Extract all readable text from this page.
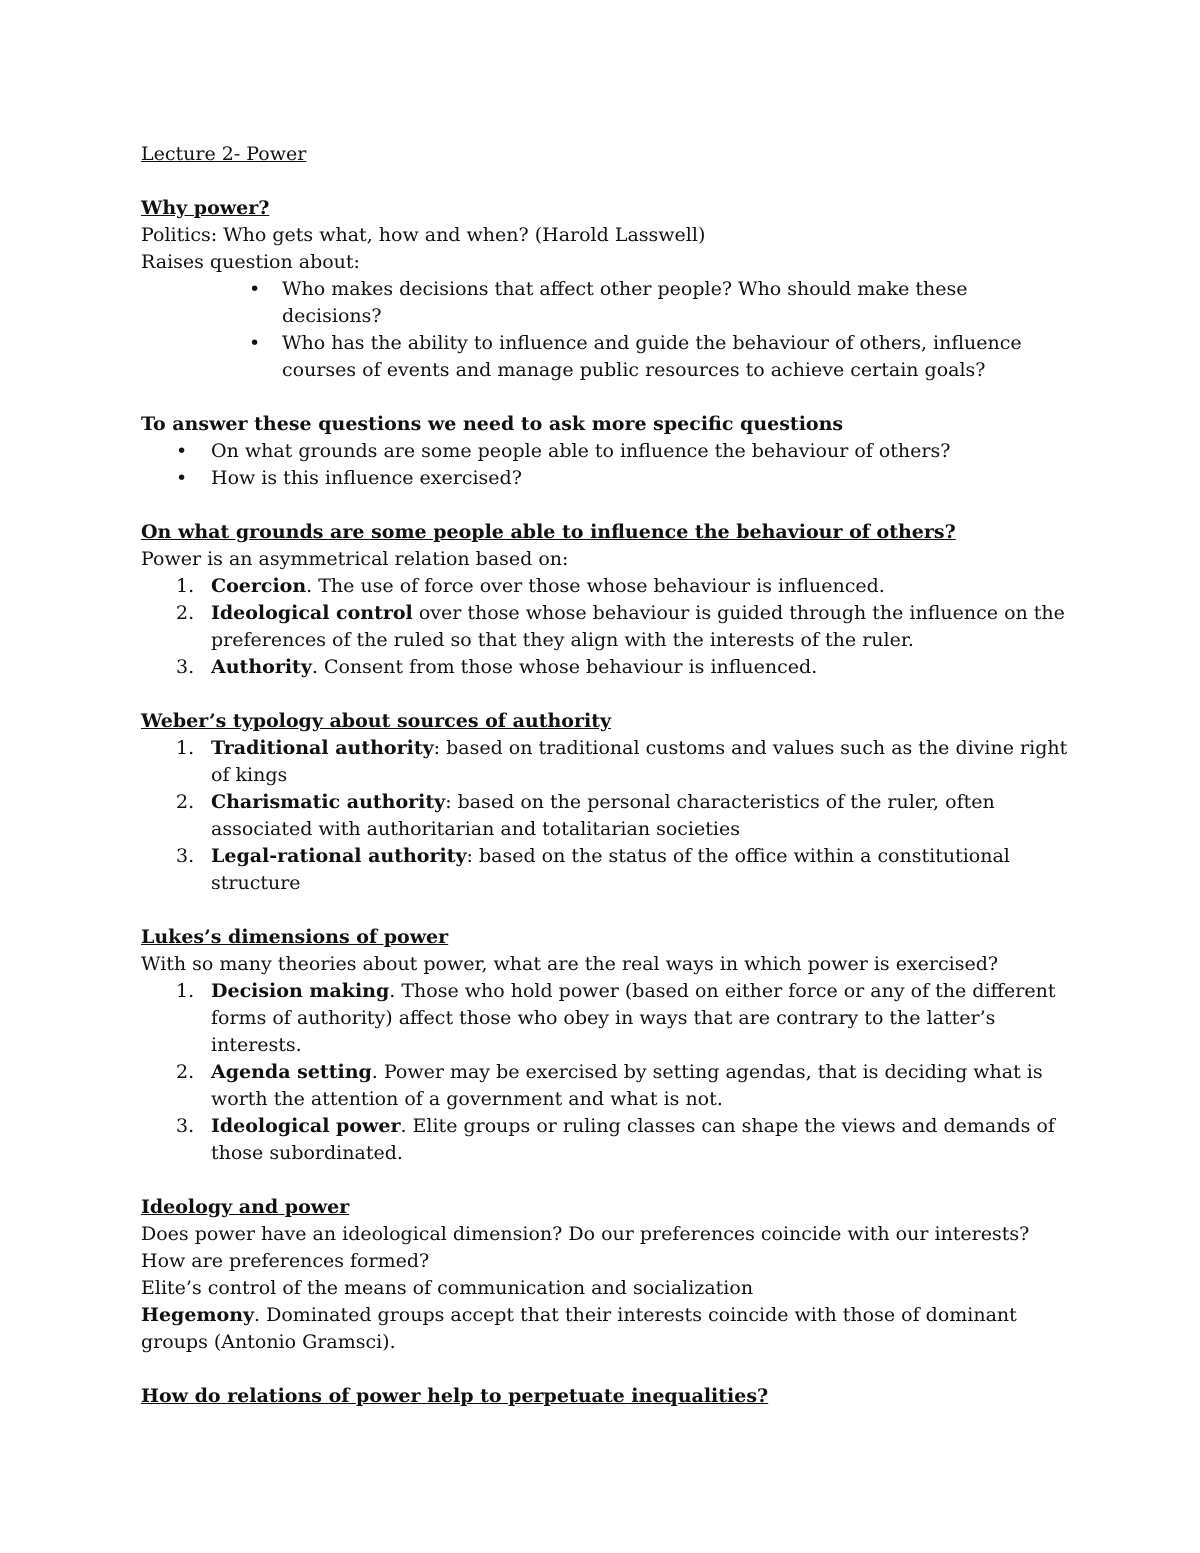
Lecture 2- Power

Why power?

Politics: Who gets what, how and when? (Harold Lasswell)

Raises question about:

• Who makes decisions that affect other people? Who should make these decisions?
• Who has the ability to influence and guide the behaviour of others, influence courses of events and manage public resources to achieve certain goals?

To answer these questions we need to ask more specific questions

• On what grounds are some people able to influence the behaviour of others?
• How is this influence exercised?

On what grounds are some people able to influence the behaviour of others?

Power is an asymmetrical relation based on:

1. Coercion. The use of force over those whose behaviour is influenced.
2. Ideological control over those whose behaviour is guided through the influence on the preferences of the ruled so that they align with the interests of the ruler.
3. Authority. Consent from those whose behaviour is influenced.

Weber’s typology about sources of authority

1. Traditional authority: based on traditional customs and values such as the divine right of kings
2. Charismatic authority: based on the personal characteristics of the ruler, often associated with authoritarian and totalitarian societies
3. Legal-rational authority: based on the status of the office within a constitutional structure

Lukes’s dimensions of power

With so many theories about power, what are the real ways in which power is exercised?

1. Decision making. Those who hold power (based on either force or any of the different forms of authority) affect those who obey in ways that are contrary to the latter’s interests.
2. Agenda setting. Power may be exercised by setting agendas, that is deciding what is worth the attention of a government and what is not.
3. Ideological power. Elite groups or ruling classes can shape the views and demands of those subordinated.

Ideology and power

Does power have an ideological dimension? Do our preferences coincide with our interests?

How are preferences formed?

Elite’s control of the means of communication and socialization

Hegemony. Dominated groups accept that their interests coincide with those of dominant groups (Antonio Gramsci).

How do relations of power help to perpetuate inequalities?
